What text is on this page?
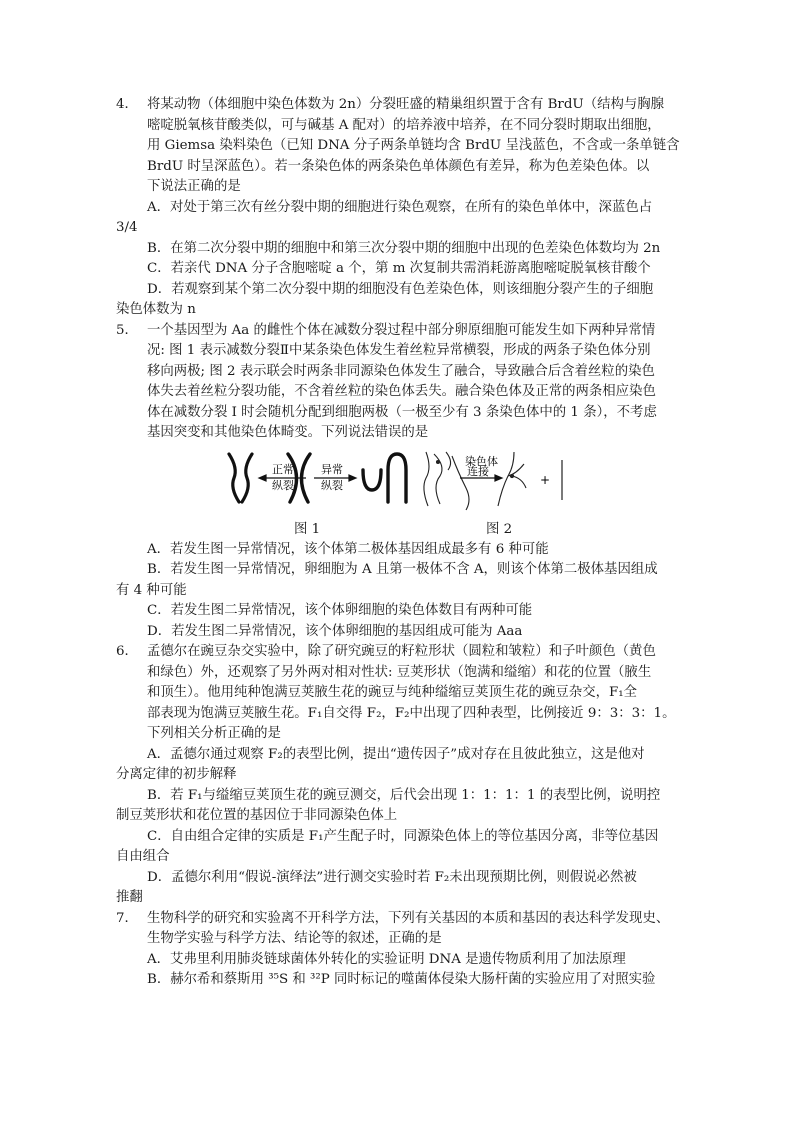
4． 将某动物（体细胞中染色体数为 2n）分裂旺盛的精巢组织置于含有 BrdU（结构与胸腺
嘧啶脱氧核苷酸类似，可与碱基 A 配对）的培养液中培养，在不同分裂时期取出细胞，
用 Giemsa 染料染色（已知 DNA 分子两条单链均含 BrdU 呈浅蓝色，不含或一条单链含
BrdU 时呈深蓝色）。若一条染色体的两条染色单体颜色有差异，称为色差染色体。以
下说法正确的是
A．对处于第三次有丝分裂中期的细胞进行染色观察，在所有的染色单体中，深蓝色占
3/4
B．在第二次分裂中期的细胞中和第三次分裂中期的细胞中出现的色差染色体数均为 2n
C．若亲代 DNA 分子含胞嘧啶 a 个，第 m 次复制共需消耗游离胞嘧啶脱氧核苷酸个
D．若观察到某个第二次分裂中期的细胞没有色差染色体，则该细胞分裂产生的子细胞
染色体数为 n
5． 一个基因型为 Aa 的雌性个体在减数分裂过程中部分卵原细胞可能发生如下两种异常情
况: 图 1 表示减数分裂Ⅱ中某条染色体发生着丝粒异常横裂，形成的两条子染色体分别
移向两极; 图 2 表示联会时两条非同源染色体发生了融合，导致融合后含着丝粒的染色
体失去着丝粒分裂功能，不含着丝粒的染色体丢失。融合染色体及正常的两条相应染色
体在减数分裂 I 时会随机分配到细胞两极（一极至少有 3 条染色体中的 1 条），不考虑
基因突变和其他染色体畸变。下列说法错误的是
正常
纵裂
异常
纵裂
染色体
连接
+
图 1	图 2
A．若发生图一异常情况，该个体第二极体基因组成最多有 6 种可能
B．若发生图一异常情况，卵细胞为 A 且第一极体不含 A，则该个体第二极体基因组成
有 4 种可能
C．若发生图二异常情况，该个体卵细胞的染色体数目有两种可能
D．若发生图二异常情况，该个体卵细胞的基因组成可能为 Aaa
6． 孟德尔在豌豆杂交实验中，除了研究豌豆的籽粒形状（圆粒和皱粒）和子叶颜色（黄色
和绿色）外，还观察了另外两对相对性状: 豆荚形状（饱满和缢缩）和花的位置（腋生
和顶生）。他用纯种饱满豆荚腋生花的豌豆与纯种缢缩豆荚顶生花的豌豆杂交，F₁全
部表现为饱满豆荚腋生花。F₁自交得 F₂，F₂中出现了四种表型，比例接近 9：3：3：1。
下列相关分析正确的是
A．孟德尔通过观察 F₂的表型比例，提出“遗传因子”成对存在且彼此独立，这是他对
分离定律的初步解释
B．若 F₁与缢缩豆荚顶生花的豌豆测交，后代会出现 1：1：1：1 的表型比例，说明控
制豆荚形状和花位置的基因位于非同源染色体上
C．自由组合定律的实质是 F₁产生配子时，同源染色体上的等位基因分离，非等位基因
自由组合
D．孟德尔利用“假说-演绎法”进行测交实验时若 F₂未出现预期比例，则假说必然被
推翻
7． 生物科学的研究和实验离不开科学方法，下列有关基因的本质和基因的表达科学发现史、
生物学实验与科学方法、结论等的叙述，正确的是
A．艾弗里利用肺炎链球菌体外转化的实验证明 DNA 是遗传物质利用了加法原理
B．赫尔希和蔡斯用 ³⁵S 和 ³²P 同时标记的噬菌体侵染大肠杆菌的实验应用了对照实验
